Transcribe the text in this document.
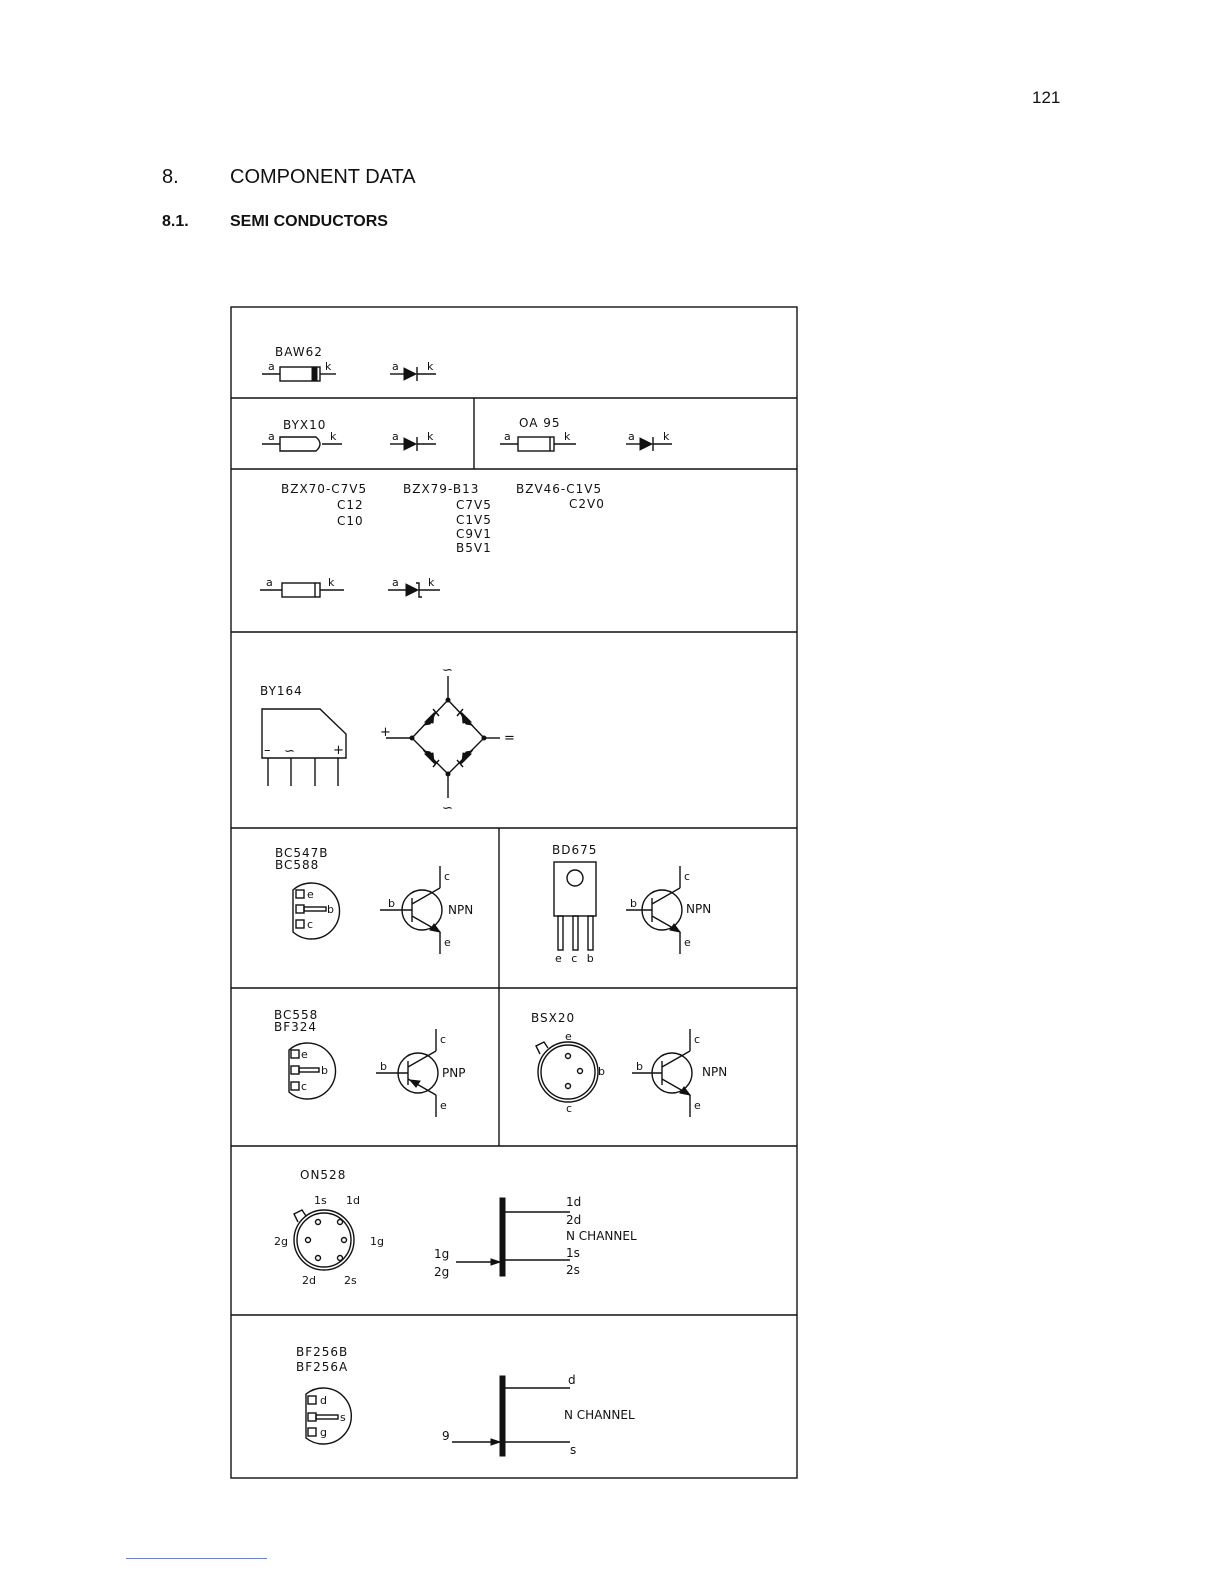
121
8.	COMPONENT DATA
8.1.	SEMI CONDUCTORS
BAW62
a	k	a	k
BYX10
a	k	a	k
OA 95
a	k	a	k
BZX70-C7V5
C12
C10
BZX79-B13
C7V5
C1V5
C9V1
B5V1
BZV46-C1V5
C2V0
a	k	a	k
BY164
– ∽	+
∽
∽
+	=
BC547B
BC588
e
b
c
b
c
e
NPN
BD675
e c b
b
c
e
NPN
BC558
BF324
e
b
c
b
c
e
PNP
BSX20
e
b
c
b
c
e
NPN
ON528
1s 1d
2g	1g
2d	2s
1d
2d
N CHANNEL
1s
2s
1g
2g
BF256B
BF256A
d
s
g
d
N CHANNEL
9
s
